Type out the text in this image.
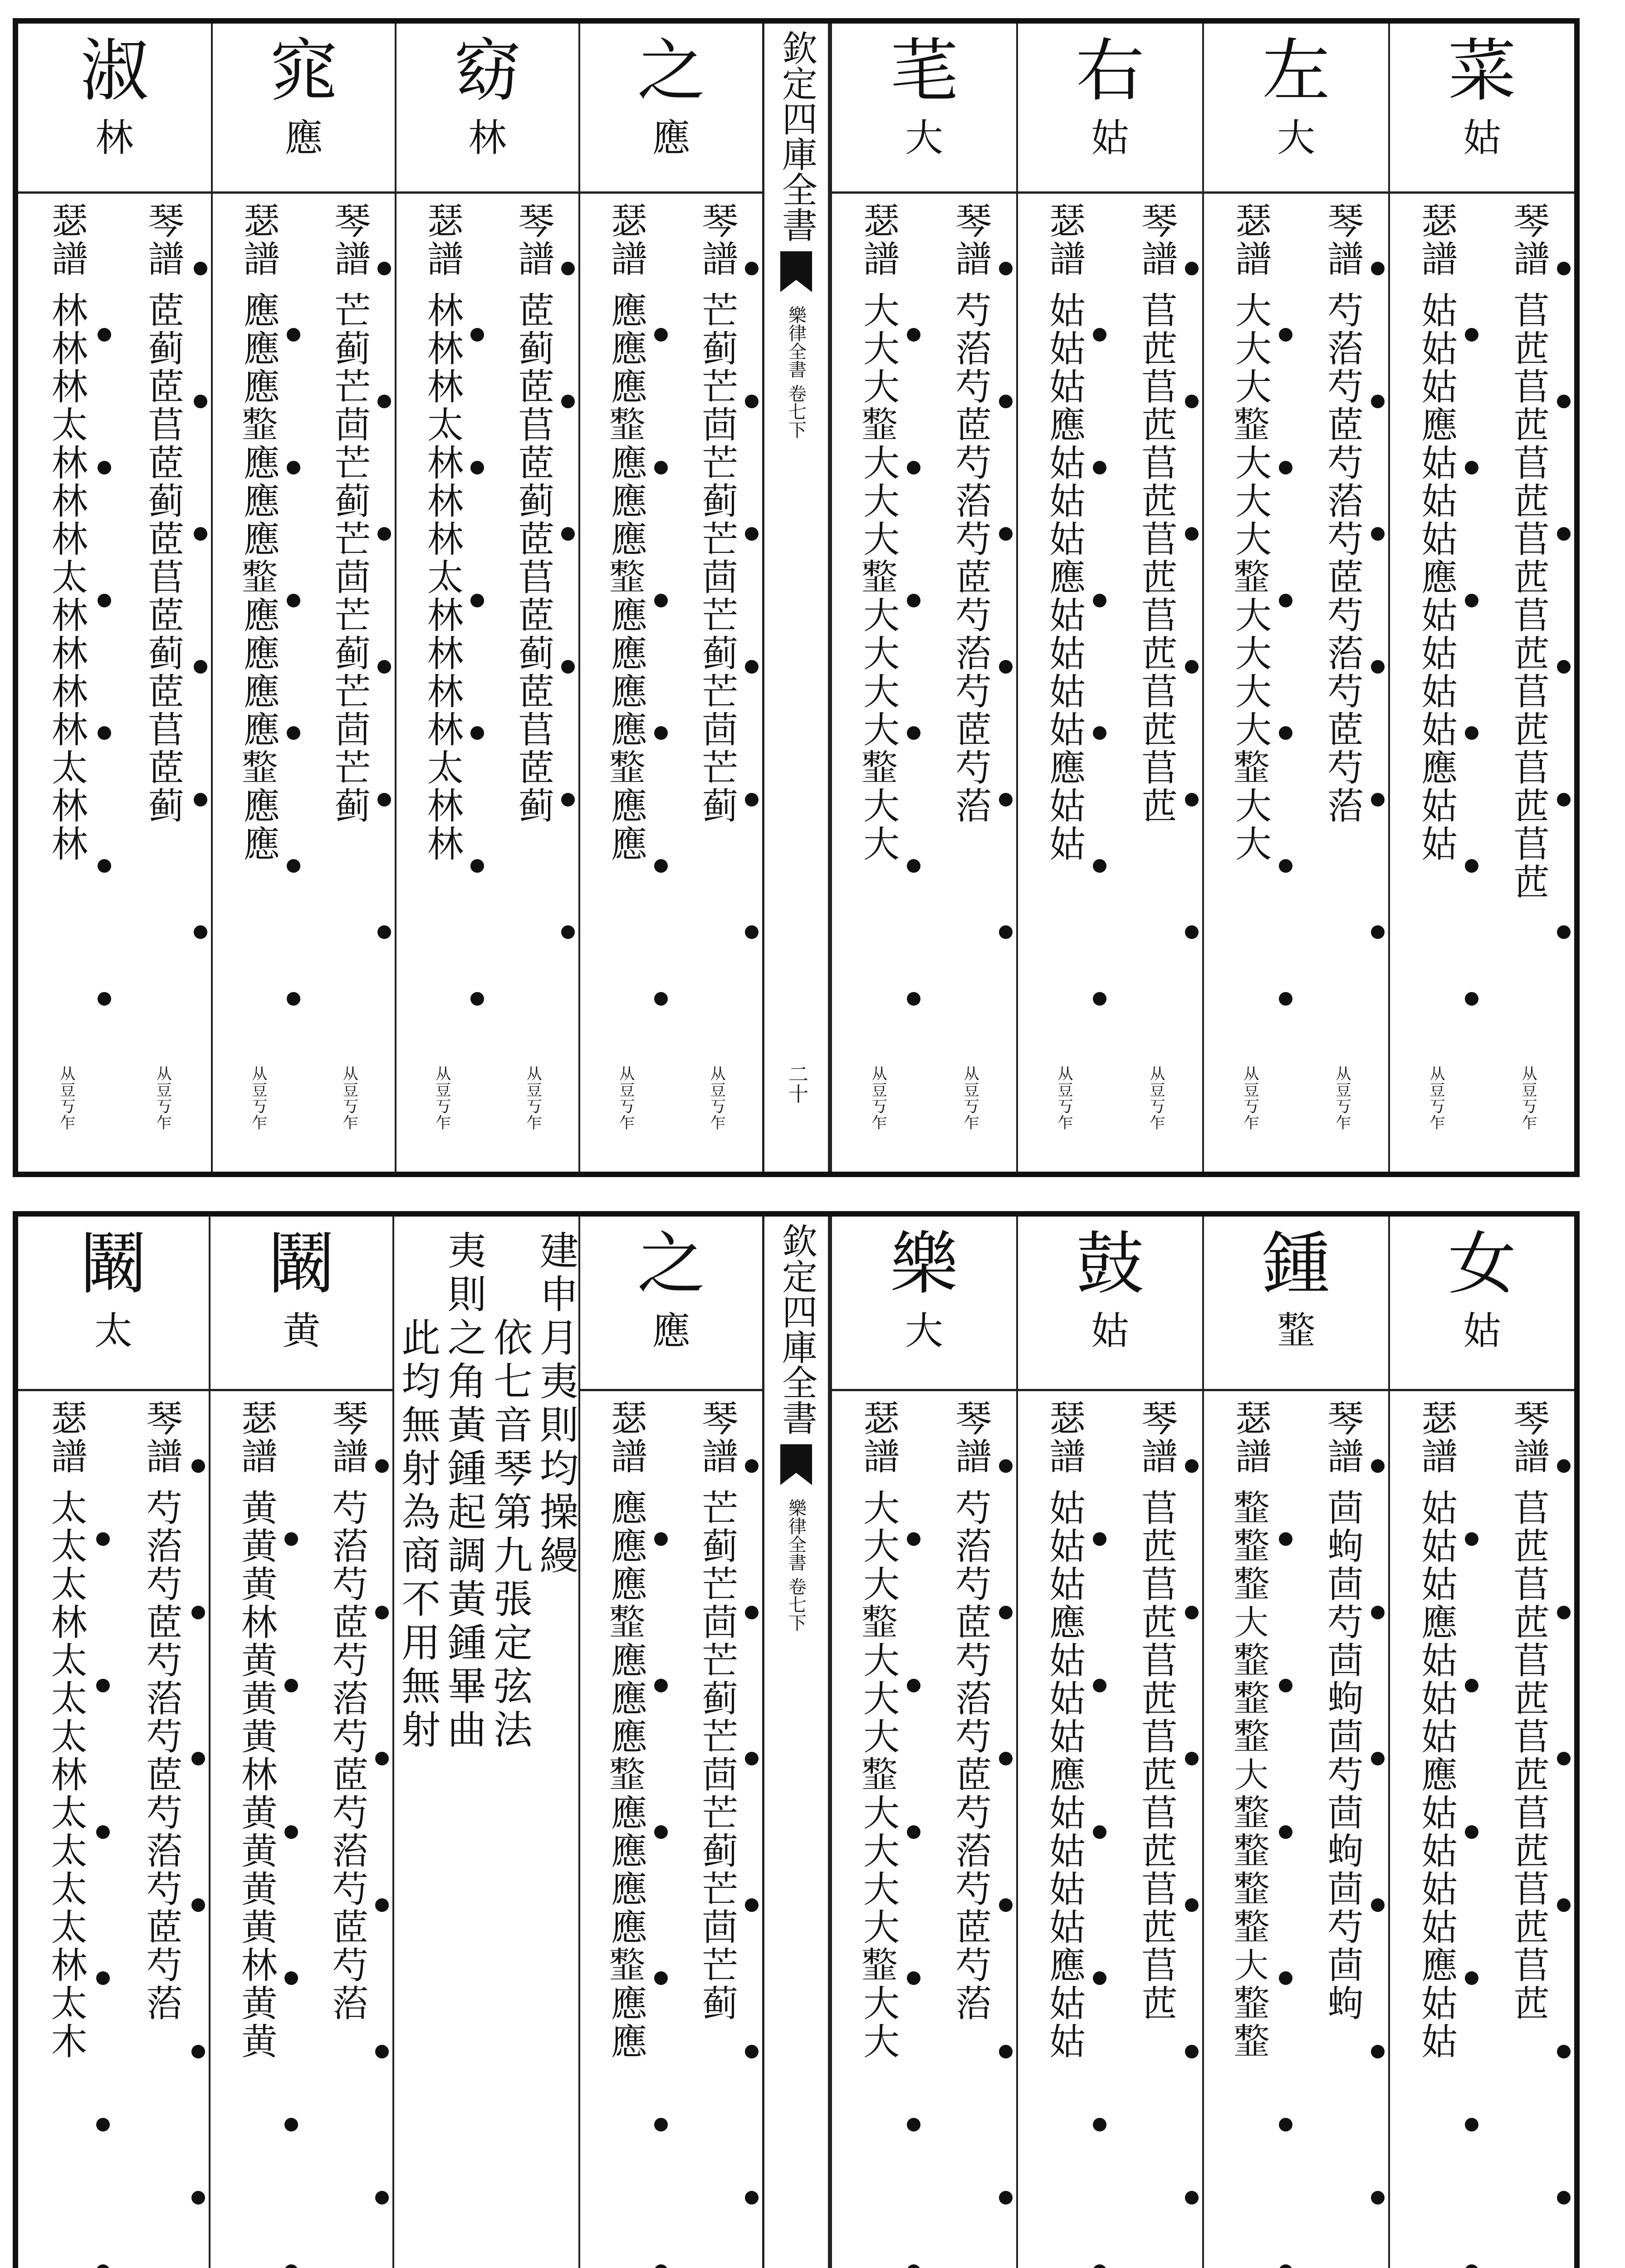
菜
姑
琴譜 苢苉苢苉苢苉苢苉苢苉苢苉苢苉苢苉
从豆丂乍
瑟譜 姑姑姑應姑姑姑應姑姑姑姑應姑姑
从豆丂乍
左
大
琴譜 芍菭芍茝芍菭芍茝芍菭芍茝芍菭
从豆丂乍
瑟譜 大大大𩐋大大大𩐋大大大大𩐋大大
从豆丂乍
右
姑
琴譜 苢苉苢苉苢苉苢苉苢苉苢苉苢苉
从豆丂乍
瑟譜 姑姑姑應姑姑姑應姑姑姑姑應姑姑
从豆丂乍
芼
大
琴譜 芍菭芍茝芍菭芍茝芍菭芍茝芍菭
从豆丂乍
瑟譜 大大大𩐋大大大𩐋大大大大𩐋大大
从豆丂乍
欽定四庫全書
樂律全書 卷七下
二十
之
應
琴譜 芒蓟芒茴芒蓟芒茴芒蓟芒茴芒蓟
从豆丂乍
瑟譜 應應應𩐋應應應𩐋應應應應𩐋應應
从豆丂乍
窈
林
琴譜 茝蓟茝苢茝蓟茝苢茝蓟茝苢茝蓟
从豆丂乍
瑟譜 林林林太林林林太林林林林太林林
从豆丂乍
窕
應
琴譜 芒蓟芒茴芒蓟芒茴芒蓟芒茴芒蓟
从豆丂乍
瑟譜 應應應𩐋應應應𩐋應應應應𩐋應應
从豆丂乍
淑
林
琴譜 茝蓟茝苢茝蓟茝苢茝蓟茝苢茝蓟
从豆丂乍
瑟譜 林林林太林林林太林林林林太林林
从豆丂乍
女
姑
琴譜 苢苉苢苉苢苉苢苉苢苉苢苉苢苉
瑟譜 姑姑姑應姑姑姑應姑姑姑姑應姑姑
鍾
𩐋
琴譜 茴蚼茴芍茴蚼茴芍茴蚼茴芍茴蚼
瑟譜 𩐋𩐋𩐋大𩐋𩐋𩐋大𩐋𩐋𩐋𩐋大𩐋𩐋
鼓
姑
琴譜 苢苉苢苉苢苉苢苉苢苉苢苉苢苉
瑟譜 姑姑姑應姑姑姑應姑姑姑姑應姑姑
樂
大
琴譜 芍菭芍茝芍菭芍茝芍菭芍茝芍菭
瑟譜 大大大𩐋大大大𩐋大大大大𩐋大大
欽定四庫全書
樂律全書 卷七下
之
應
琴譜 芒蓟芒茴芒蓟芒茴芒蓟芒茴芒蓟
瑟譜 應應應𩐋應應應𩐋應應應應𩐋應應
建申月夷則均操縵
　　依七音琴第九張定弦法
夷則之角黃鍾起調黃鍾畢曲
　　此均無射為商不用無射
鬫
黄
琴譜 芍菭芍茝芍菭芍茝芍菭芍茝芍菭
瑟譜 黄黄黄林黄黄黄林黄黄黄黄林黄黄
鬫
太
琴譜 芍菭芍茝芍菭芍茝芍菭芍茝芍菭
瑟譜 太太太林太太太林太太太太林太木
